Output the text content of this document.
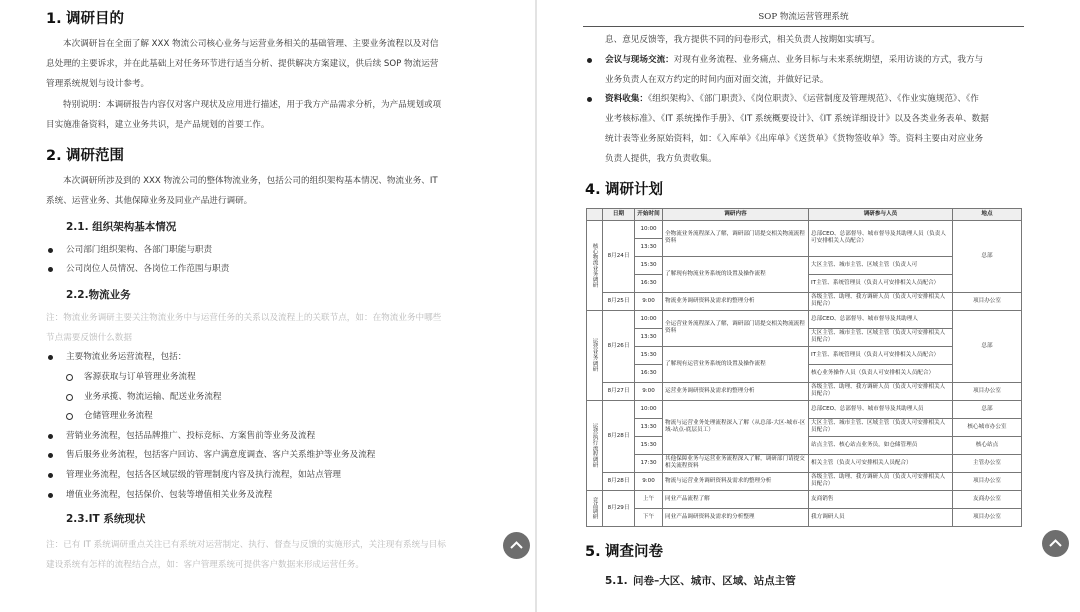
1. 调研目的
本次调研旨在全面了解 XXX 物流公司核心业务与运营业务相关的基础管理、主要业务流程以及对信
息处理的主要诉求，并在此基础上对任务环节进行适当分析、提供解决方案建议，供后续 SOP 物流运营
管理系统规划与设计参考。
特别说明：本调研报告内容仅对客户现状及应用进行描述，用于我方产品需求分析，为产品规划或项
目实施准备资料，建立业务共识，是产品规划的首要工作。
2. 调研范围
本次调研所涉及到的 XXX 物流公司的整体物流业务，包括公司的组织架构基本情况、物流业务、IT
系统、运营业务、其他保障业务及同业产品进行调研。
2.1. 组织架构基本情况
公司部门组织架构、各部门职能与职责
公司岗位人员情况、各岗位工作范围与职责
2.2.物流业务
注：物流业务调研主要关注物流业务中与运营任务的关系以及流程上的关联节点，如：在物流业务中哪些
节点需要反馈什么数据
主要物流业务运营流程，包括：
客源获取与订单管理业务流程
业务承揽、物流运输、配送业务流程
仓储管理业务流程
营销业务流程，包括品牌推广、投标竞标、方案售前等业务及流程
售后服务业务流程，包括客户回访、客户满意度调查、客户关系维护等业务及流程
管理业务流程，包括各区域层级的管理制度内容及执行流程，如站点管理
增值业务流程，包括保价、包装等增值相关业务及流程
2.3.IT 系统现状
注：已有 IT 系统调研重点关注已有系统对运营制定、执行、督查与反馈的实施形式，关注现有系统与目标
建设系统有怎样的流程结合点，如：客户管理系统可提供客户数据来形成运营任务。
SOP 物流运营管理系统
息、意见反馈等，我方提供不同的问卷形式，相关负责人按期如实填写。
会议与现场交流：对现有业务流程、业务痛点、业务目标与未来系统期望，采用访谈的方式，我方与
业务负责人在双方约定的时间内面对面交流，并做好记录。
资料收集：《组织架构》、《部门职责》、《岗位职责》、《运营制度及管理规范》、《作业实施规范》、《作
业考核标准》、《IT 系统操作手册》、《IT 系统概要设计》、《IT 系统详细设计》以及各类业务表单、数据
统计表等业务原始资料，如：《入库单》《出库单》《送货单》《货物签收单》等。资料主要由对应业务
负责人提供，我方负责收集。
4. 调研计划
	日期	开始时间	调研内容	调研参与人员	地点
核心物流业务调研	8月24日	10:00	全物流业务流程深入了解，调研部门请提交相关物流流程资料	总部CEO、总部督导、城市督导及其助理人员（负责人可安排相关人员配合）	总部
		13:30			
		15:30	了解现有物流业务系统的设置及操作流程	大区主管、城市主管、区域主管（负责人可	
		16:30		IT主管、系统管理员（负责人可安排相关人员配合）	
	8月25日	9:00	物流业务调研资料及需求的整理分析	各级主管、助理、我方调研人员（负责人可安排相关人员配合）	项目办公室
运营业务调研	8月26日	10:00	全运营业务流程深入了解，调研部门请提交相关物流流程资料	总部CEO、总部督导、城市督导及其助理人	总部
		13:30		大区主管、城市主管、区域主管（负责人可安排相关人员配合）	
		15:30	了解现有运营业务系统的设置及操作流程	IT主管、系统管理员（负责人可安排相关人员配合）	
		16:30		核心业务操作人员（负责人可安排相关人员配合）	
	8月27日	9:00	运营业务调研资料及需求的整理分析	各级主管、助理、我方调研人员（负责人可安排相关人员配合）	项目办公室
运营执行流程调研	8月28日	10:00	物流与运营业务处理流程深入了解（从总部-大区-城市-区域-站点-底层员工）	总部CEO、总部督导、城市督导及其助理人员	总部
		13:30		大区主管、城市主管、区域主管（负责人可安排相关人员配合）	核心城市办公室
		15:30		站点主管、核心站点业务员，如仓储管理员	核心站点
		17:30	其他保障业务与运营业务流程深入了解，调研部门请提交相关流程资料	相关主管（负责人可安排相关人员配合）	主管办公室
	8月28日	9:00	物流与运营业务调研资料及需求的整理分析	各级主管、助理、我方调研人员（负责人可安排相关人员配合）	项目办公室
竞品调研	8月29日	上午	同业产品流程了解	友商销售	友商办公室
		下午	同业产品调研资料及需求的分析整理	我方调研人员	项目办公室
5. 调查问卷
5.1. 问卷–大区、城市、区域、站点主管
